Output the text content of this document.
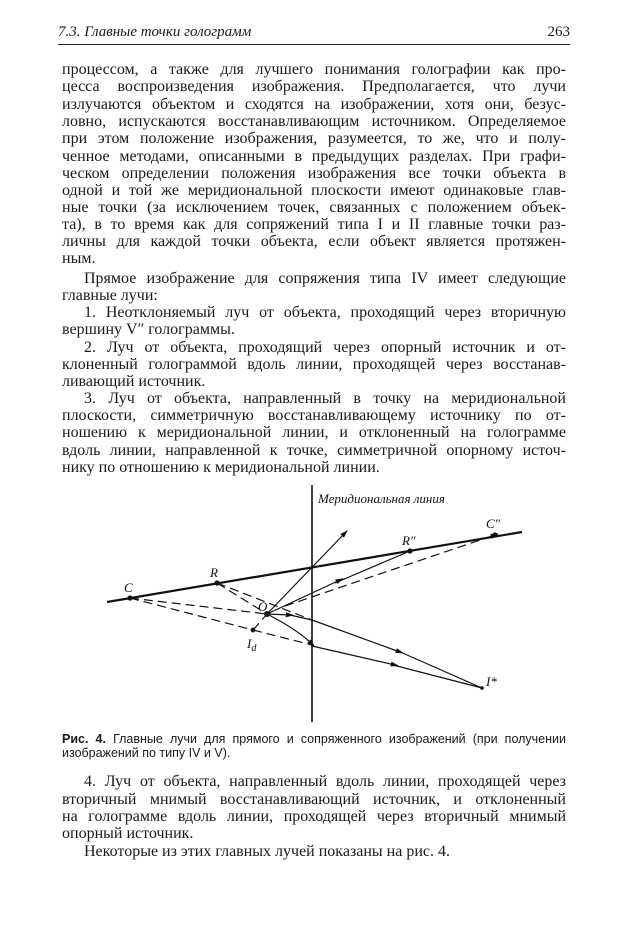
7.3. Главные точки голограмм	263
процессом, а также для лучшего понимания голографии как про-
цесса воспроизведения изображения. Предполагается, что лучи
излучаются объектом и сходятся на изображении, хотя они, безус-
ловно, испускаются восстанавливающим источником. Определяемое
при этом положение изображения, разумеется, то же, что и полу-
ченное методами, описанными в предыдущих разделах. При графи-
ческом определении положения изображения все точки объекта в
одной и той же меридиональной плоскости имеют одинаковые глав-
ные точки (за исключением точек, связанных с положением объек-
та), в то время как для сопряжений типа I и II главные точки раз-
личны для каждой точки объекта, если объект является протяжен-
ным.
Прямое изображение для сопряжения типа IV имеет следующие
главные лучи:
1. Неотклоняемый луч от объекта, проходящий через вторичную
вершину V″ голограммы.
2. Луч от объекта, проходящий через опорный источник и от-
клоненный голограммой вдоль линии, проходящей через восстанав-
ливающий источник.
3. Луч от объекта, направленный в точку на меридиональной
плоскости, симметричную восстанавливающему источнику по от-
ношению к меридиональной линии, и отклоненный на голограмме
вдоль линии, направленной к точке, симметричной опорному источ-
нику по отношению к меридиональной линии.
Меридиональная линия
C
R
R″
C″
O
$I_d$
I*
Рис. 4. Главные лучи для прямого и сопряженного изображений (при получении
изображений по типу IV и V).
4. Луч от объекта, направленный вдоль линии, проходящей через
вторичный мнимый восстанавливающий источник, и отклоненный
на голограмме вдоль линии, проходящей через вторичный мнимый
опорный источник.
Некоторые из этих главных лучей показаны на рис. 4.
